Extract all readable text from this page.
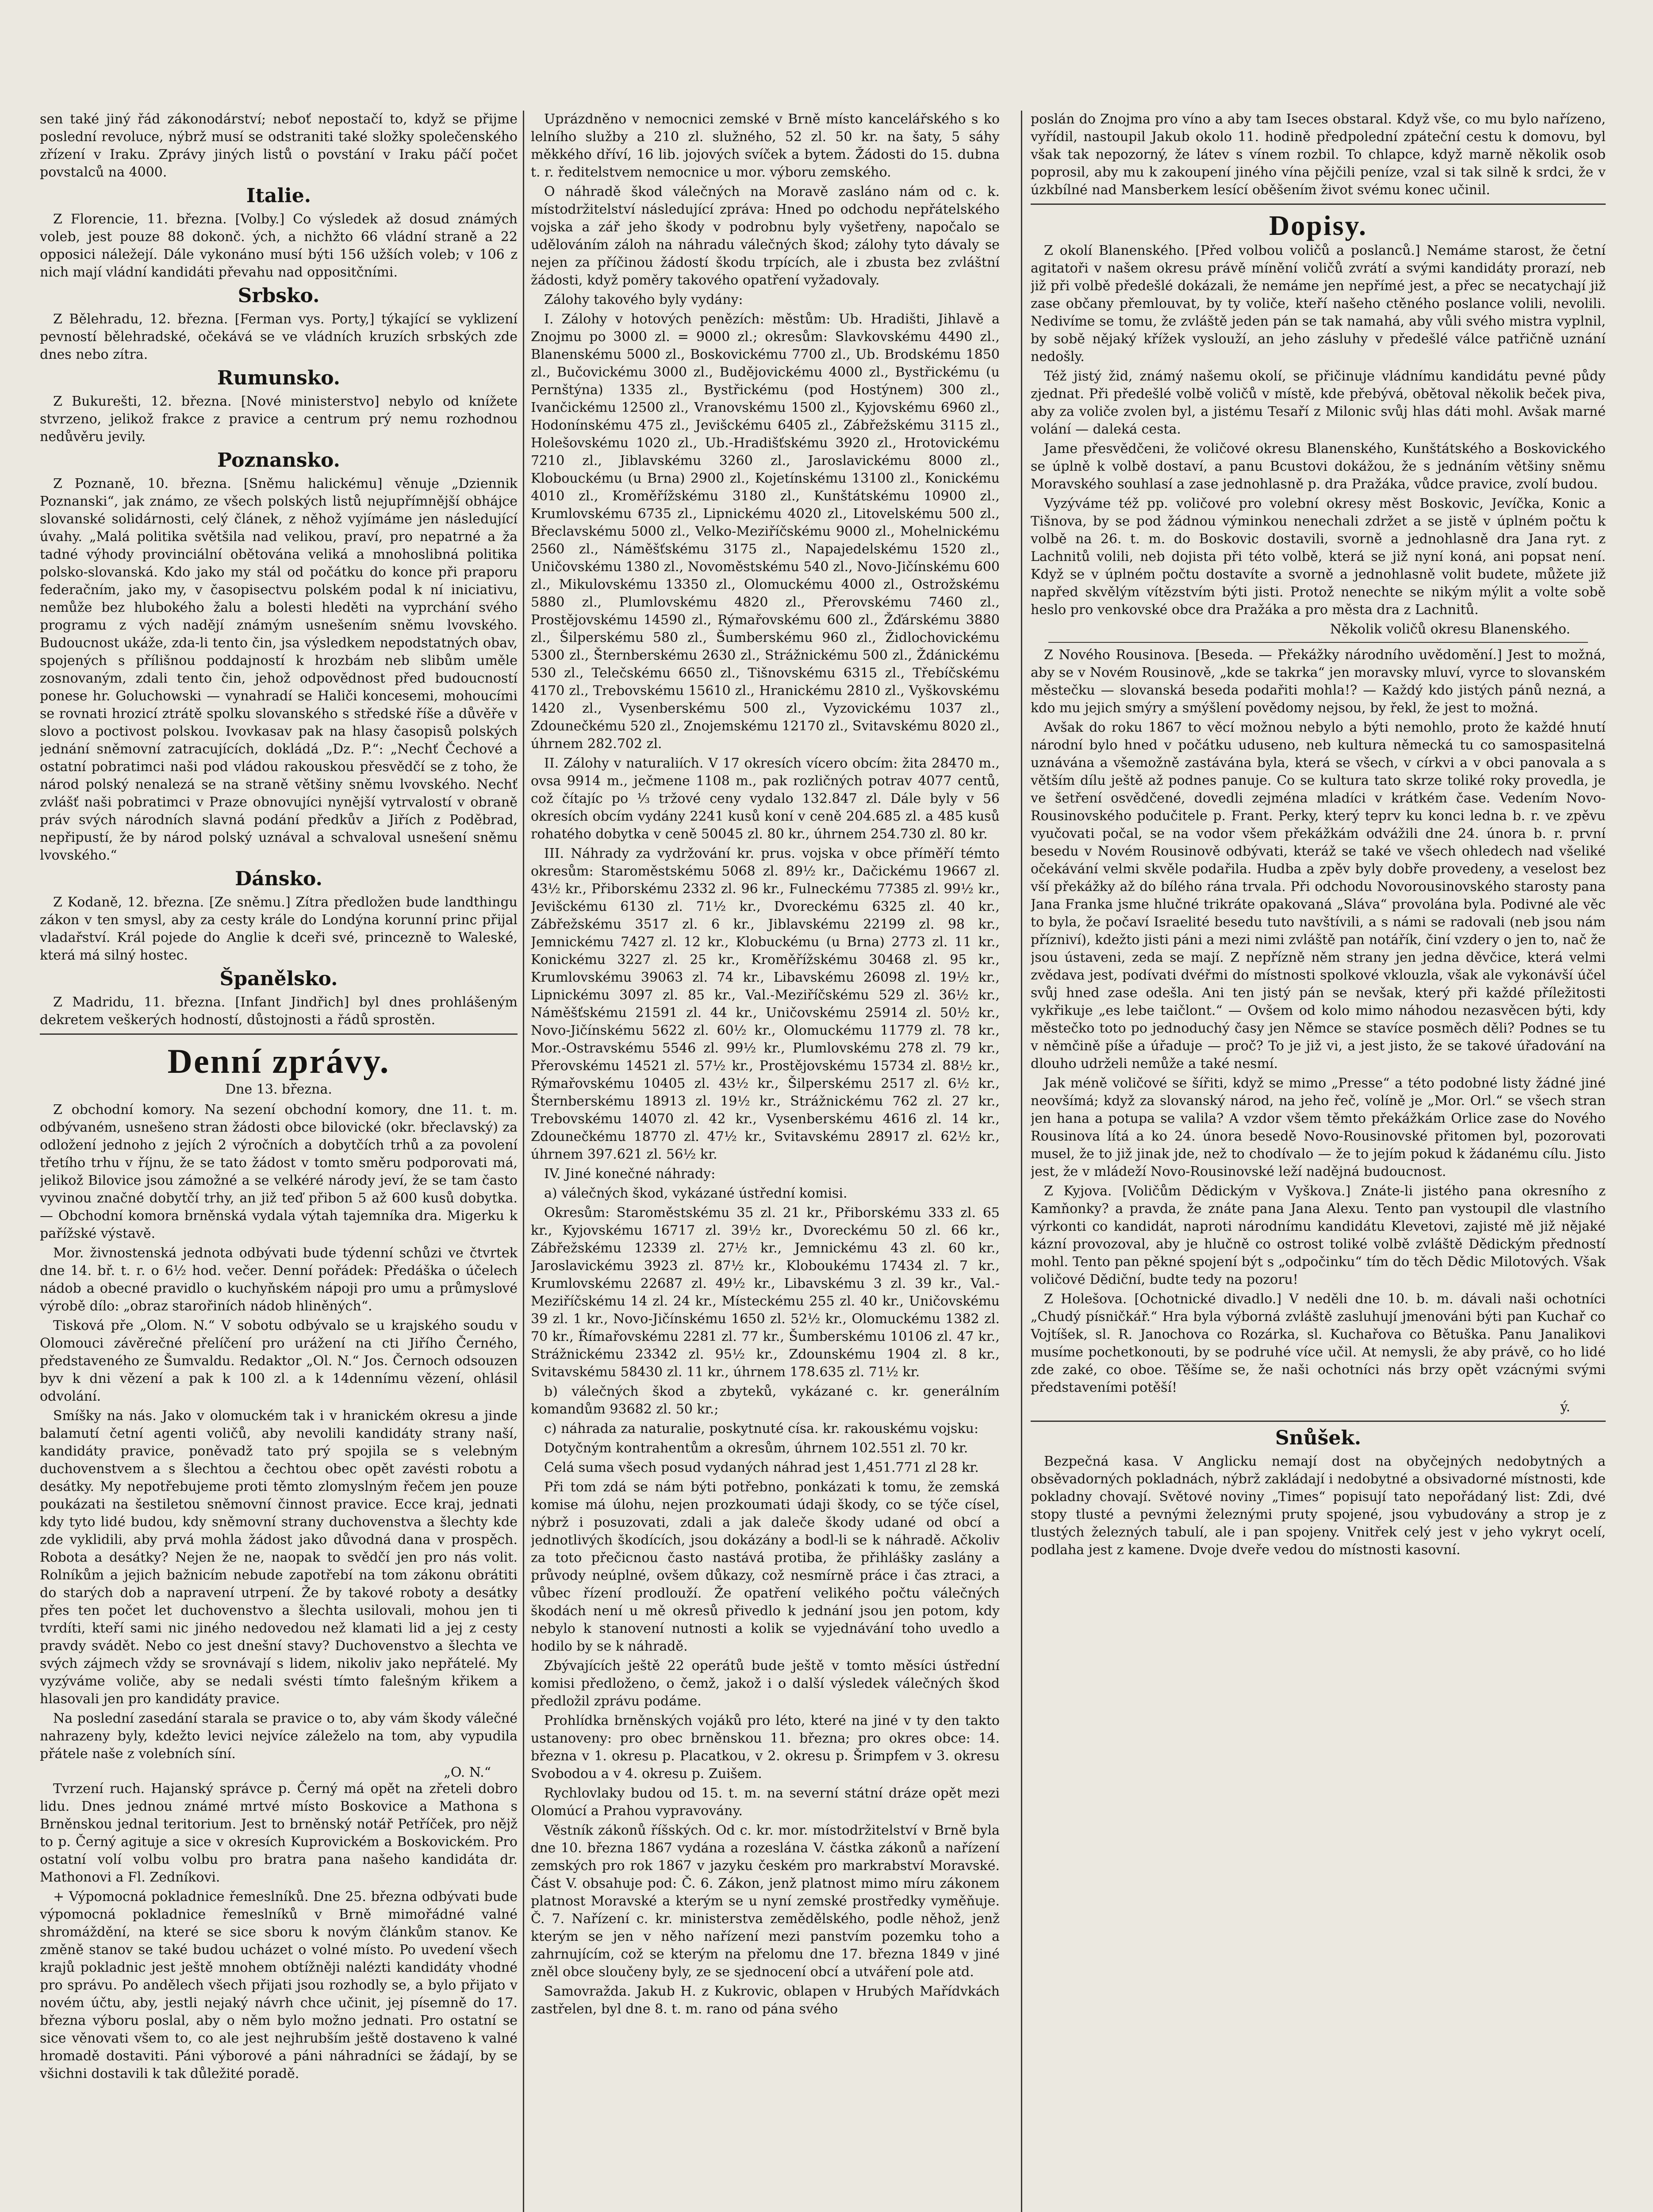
sen také jiný řád zákonodárství; neboť nepostačí to, když se přijme poslední revoluce, nýbrž musí se odstraniti také složky společenského zřízení v Iraku. Zprávy jiných listů o povstání v Iraku páčí počet povstalců na 4000.

Italie.

Z Florencie, 11. března. [Volby.] Co výsledek až dosud známých voleb, jest pouze 88 dokonč. ých, a nichžto 66 vládní straně a 22 opposici náležejí. Dále vykonáno musí býti 156 užších voleb; v 106 z nich mají vládní kandidáti převahu nad oppositčními.

Srbsko.

Z Bělehradu, 12. března. [Ferman vys. Porty,] týkající se vyklizení pevností bělehradské, očekává se ve vládních kruzích srbských zde dnes nebo zítra.

Rumunsko.

Z Bukurešti, 12. března. [Nové ministerstvo] nebylo od knížete stvrzeno, jelikož frakce z pravice a centrum prý nemu rozhodnou nedůvěru jevily.

Poznansko.

Z Poznaně, 10. března. [Sněmu halickému] věnuje „Dziennik Poznanski“, jak známo, ze všech polských listů nejupřímnější obhájce slovanské solidárnosti, celý článek, z něhož vyjímáme jen následující úvahy. „Malá politika světšila nad velikou, praví, pro nepatrné a ža tadné výhody provinciální obětována veliká a mnohoslibná politika polsko-slovanská. Kdo jako my stál od počátku do konce při praporu federačním, jako my, v časopisectvu polském podal k ní iniciativu, nemůže bez hlubokého žalu a bolesti hleděti na vyprchání svého programu z vých nadějí známým usnešením sněmu lvovského. Budoucnost ukáže, zda-li tento čin, jsa výsledkem nepodstatných obav, spojených s přílišnou poddajností k hrozbám neb slibům uměle zosnovaným, zdali tento čin, jehož odpovědnost před budoucností ponese hr. Goluchowski — vynahradí se Haliči koncesemi, mohoucími se rovnati hrozicí ztrátě spolku slovanského s středské říše a důvěře v slovo a poctivost polskou. Ivovkasav pak na hlasy časopisů polských jednání sněmovní zatracujících, dokládá „Dz. P.“: „Nechť Čechové a ostatní pobratimci naši pod vládou rakouskou přesvědčí se z toho, že národ polský nenalezá se na straně většiny sněmu lvovského. Nechť zvlášť naši pobratimci v Praze obnovujíci nynější vytrvalostí v obraně práv svých národních slavná podání předkův a Jiřích z Poděbrad, nepřipustí, že by národ polský uznával a schvaloval usnešení sněmu lvovského.“

Dánsko.

Z Kodaně, 12. března. [Ze sněmu.] Zítra předložen bude landthingu zákon v ten smysl, aby za cesty krále do Londýna korunní princ přijal vladařství. Král pojede do Anglie k dceři své, princezně to Waleské, která má silný hostec.

Španělsko.

Z Madridu, 11. března. [Infant Jindřich] byl dnes prohlášeným dekretem veškerých hodností, důstojnosti a řádů sprostěn.

Denní zprávy.
Dne 13. března.

Z obchodní komory. Na sezení obchodní komory, dne 11. t. m. odbývaném, usnešeno stran žádosti obce bilovické (okr. břeclavský) za odložení jednoho z jejích 2 výročních a dobytčích trhů a za povolení třetího trhu v říjnu, že se tato žádost v tomto směru podporovati má, jelikož Bilovice jsou zámožné a se velkéré národy jeví, že se tam často vyvinou značné dobytčí trhy, an již teď přibon 5 až 600 kusů dobytka. — Obchodní komora brněnská vydala výtah tajemníka dra. Migerku k pařížské výstavě.

Mor. živnostenská jednota odbývati bude týdenní schůzi ve čtvrtek dne 14. bř. t. r. o 6½ hod. večer. Denní pořádek: Předáška o účelech nádob a obecné pravidlo o kuchyňském nápoji pro umu a průmyslové výrobě dílo: „obraz starořiních nádob hliněných“.

Tisková pře „Olom. N.“ V sobotu odbývalo se u krajského soudu v Olomouci závěrečné přelíčení pro urážení na cti Jiřího Černého, představeného ze Šumvaldu. Redaktor „Ol. N.“ Jos. Černoch odsouzen byv k dni vězení a pak k 100 zl. a k 14dennímu vězení, ohlásil odvolání.

Smíšky na nás. Jako v olomuckém tak i v hranickém okresu a jinde balamutí četní agenti voličů, aby nevolili kandidáty strany naší, kandidáty pravice, poněvadž tato prý spojila se s velebným duchovenstvem a s šlechtou a čechtou obec opět zavésti robotu a desátky. My nepotřebujeme proti těmto zlomyslným řečem jen pouze poukázati na šestiletou sněmovní činnost pravice. Ecce kraj, jednati kdy tyto lidé budou, kdy sněmovní strany duchovenstva a šlechty kde zde vyklidili, aby prvá mohla žádost jako důvodná dana v prospěch. Robota a desátky? Nejen že ne, naopak to svědčí jen pro nás volit. Rolníkům a jejich bažnicím nebude zapotřebí na tom zákonu obrátiti do starých dob a napravení utrpení. Že by takové roboty a desátky přes ten počet let duchovenstvo a šlechta usilovali, mohou jen ti tvrdíti, kteří sami nic jiného nedovedou než klamati lid a jej z cesty pravdy svádět. Nebo co jest dnešní stavy? Duchovenstvo a šlechta ve svých zájmech vždy se srovnávají s lidem, nikoliv jako nepřátelé. My vyzýváme voliče, aby se nedali svésti tímto falešným křikem a hlasovali jen pro kandidáty pravice.

Na poslední zasedání starala se pravice o to, aby vám škody válečné nahrazeny byly, kdežto levici nejvíce záleželo na tom, aby vypudila přátele naše z volebních síní.

„O. N.“

Tvrzení ruch. Hajanský správce p. Černý má opět na zřeteli dobro lidu. Dnes jednou známé mrtvé místo Boskovice a Mathona s Brněnskou jednal teritorium. Jest to brněnský notář Petříček, pro nějž to p. Černý agituje a sice v okresích Kuprovickém a Boskovickém. Pro ostatní volí volbu volbu pro bratra pana našeho kandidáta dr. Mathonovi a Fl. Zedníkovi.

+ Výpomocná pokladnice řemeslníků. Dne 25. března odbývati bude výpomocná pokladnice řemeslníků v Brně mimořádné valné shromáždění, na které se sice sboru k novým článkům stanov. Ke změně stanov se také budou ucházet o volné místo. Po uvedení všech krajů pokladnic jest ještě mnohem obtížněji nalézti kandidáty vhodné pro správu. Po andělech všech přijati jsou rozhodly se, a bylo přijato v novém účtu, aby, jestli nejaký návrh chce učinit, jej písemně do 17. března výboru poslal, aby o něm bylo možno jednati. Pro ostatní se sice věnovati všem to, co ale jest nejhrubším ještě dostaveno k valné hromadě dostaviti. Páni výborové a páni náhradníci se žádají, by se všichni dostavili k tak důležité poradě.

Uprázdněno v nemocnici zemské v Brně místo kancelářského s ko lelního služby a 210 zl. služného, 52 zl. 50 kr. na šaty, 5 sáhy měkkého dříví, 16 lib. jojových svíček a bytem. Žádosti do 15. dubna t. r. ředitelstvem nemocnice u mor. výboru zemského.

O náhradě škod válečných na Moravě zasláno nám od c. k. místodržitelství následující zpráva: Hned po odchodu nepřátelského vojska a zář jeho škody v podrobnu byly vyšetřeny, napočalo se udělováním záloh na náhradu válečných škod; zálohy tyto dávaly se nejen za příčinou žádostí škodu trpících, ale i zbusta bez zvláštní žádosti, když poměry takového opatření vyžadovaly.

Zálohy takového byly vydány:

I. Zálohy v hotových penězích: městům: Ub. Hradišti, Jihlavě a Znojmu po 3000 zl. = 9000 zl.; okresům: Slavkovskému 4490 zl., Blanenskému 5000 zl., Boskovickému 7700 zl., Ub. Brodskému 1850 zl., Bučovickému 3000 zl., Budějovickému 4000 zl., Bystřickému (u Pernštýna) 1335 zl., Bystřickému (pod Hostýnem) 300 zl., Ivančickému 12500 zl., Vranovskému 1500 zl., Kyjovskému 6960 zl., Hodonínskému 475 zl., Jevišckému 6405 zl., Zábřežskému 3115 zl., Holešovskému 1020 zl., Ub.-Hradišťskému 3920 zl., Hrotovickému 7210 zl., Jiblavskému 3260 zl., Jaroslavickému 8000 zl., Klobouckému (u Brna) 2900 zl., Kojetínskému 13100 zl., Konickému 4010 zl., Kroměřížskému 3180 zl., Kunštátskému 10900 zl., Krumlovskému 6735 zl., Lipnickému 4020 zl., Litovelskému 500 zl., Břeclavskému 5000 zl., Velko-Meziříčskému 9000 zl., Mohelnickému 2560 zl., Náměšťskému 3175 zl., Napajedelskému 1520 zl., Uničovskému 1380 zl., Novoměstskému 540 zl., Novo-Jičínskému 600 zl., Mikulovskému 13350 zl., Olomuckému 4000 zl., Ostrožskému 5880 zl., Plumlovskému 4820 zl., Přerovskému 7460 zl., Prostějovskému 14590 zl., Rýmařovskému 600 zl., Žďárskému 3880 zl., Šilperskému 580 zl., Šumberskému 960 zl., Židlochovickému 5300 zl., Šternberskému 2630 zl., Strážnickému 500 zl., Ždánickému 530 zl., Telečskému 6650 zl., Tišnovskému 6315 zl., Třebíčskému 4170 zl., Trebovskému 15610 zl., Hranickému 2810 zl., Vyškovskému 1420 zl., Vysenberskému 500 zl., Vyzovickému 1037 zl., Zdounečkému 520 zl., Znojemskému 12170 zl., Svitavskému 8020 zl., úhrnem 282.702 zl.

II. Zálohy v naturaliích. V 17 okresích vícero obcím: žita 28470 m., ovsa 9914 m., ječmene 1108 m., pak rozličných potrav 4077 centů, což čítajíc po ⅓ tržové ceny vydalo 132.847 zl. Dále byly v 56 okresích obcím vydány 2241 kusů koní v ceně 204.685 zl. a 485 kusů rohatého dobytka v ceně 50045 zl. 80 kr., úhrnem 254.730 zl. 80 kr.

III. Náhrady za vydržování kr. prus. vojska v obce příměří témto okresům: Staroměstskému 5068 zl. 89½ kr., Dačickému 19667 zl. 43½ kr., Přiborskému 2332 zl. 96 kr., Fulneckému 77385 zl. 99½ kr., Jevišckému 6130 zl. 71½ kr., Dvoreckému 6325 zl. 40 kr., Zábřežskému 3517 zl. 6 kr., Jiblavskému 22199 zl. 98 kr., Jemnickému 7427 zl. 12 kr., Klobuckému (u Brna) 2773 zl. 11 kr., Konickému 3227 zl. 25 kr., Kroměřížskému 30468 zl. 95 kr., Krumlovskému 39063 zl. 74 kr., Libavskému 26098 zl. 19½ kr., Lipnickému 3097 zl. 85 kr., Val.-Meziříčskému 529 zl. 36½ kr., Náměšťskému 21591 zl. 44 kr., Uničovskému 25914 zl. 50½ kr., Novo-Jičínskému 5622 zl. 60½ kr., Olomuckému 11779 zl. 78 kr., Mor.-Ostravskému 5546 zl. 99½ kr., Plumlovskému 278 zl. 79 kr., Přerovskému 14521 zl. 57½ kr., Prostějovskému 15734 zl. 88½ kr., Rýmařovskému 10405 zl. 43½ kr., Šilperskému 2517 zl. 6½ kr., Šternberskému 18913 zl. 19½ kr., Strážnickému 762 zl. 27 kr., Trebovskému 14070 zl. 42 kr., Vysenberskému 4616 zl. 14 kr., Zdounečkému 18770 zl. 47½ kr., Svitavskému 28917 zl. 62½ kr., úhrnem 397.621 zl. 56½ kr.

IV. Jiné konečné náhrady:

a) válečných škod, vykázané ústřední komisi.

Okresům: Staroměstskému 35 zl. 21 kr., Přiborskému 333 zl. 65 kr., Kyjovskému 16717 zl. 39½ kr., Dvoreckému 50 zl. 66 kr., Zábřežskému 12339 zl. 27½ kr., Jemnickému 43 zl. 60 kr., Jaroslavickému 3923 zl. 87½ kr., Kloboukému 17434 zl. 7 kr., Krumlovskému 22687 zl. 49½ kr., Libavskému 3 zl. 39 kr., Val.-Meziříčskému 14 zl. 24 kr., Místeckému 255 zl. 40 kr., Uničovskému 39 zl. 1 kr., Novo-Jičínskému 1650 zl. 52½ kr., Olomuckému 1382 zl. 70 kr., Římařovskému 2281 zl. 77 kr., Šumberskému 10106 zl. 47 kr., Strážnickému 23342 zl. 95½ kr., Zdounskému 1904 zl. 8 kr., Svitavskému 58430 zl. 11 kr., úhrnem 178.635 zl. 71½ kr.

b) válečných škod a zbyteků, vykázané c. kr. generálním komandům 93682 zl. 50 kr.;

c) náhrada za naturalie, poskytnuté císa. kr. rakouskému vojsku:

Dotyčným kontrahentům a okresům, úhrnem 102.551 zl. 70 kr.

Celá suma všech posud vydaných náhrad jest 1,451.771 zl 28 kr.

Při tom zdá se nám býti potřebno, ponkázati k tomu, že zemská komise má úlohu, nejen prozkoumati údaji škody, co se týče císel, nýbrž i posuzovati, zdali a jak daleče škody udané od obcí a jednotlivých škodících, jsou dokázány a bodl-li se k náhradě. Ačkoliv za toto přečicnou často nastává protiba, že přihlášky zaslány a průvody neúplné, ovšem důkazy, což nesmírně práce i čas ztraci, a vůbec řízení prodlouží. Že opatření velikého počtu válečných škodách není u mě okresů přivedlo k jednání jsou jen potom, kdy nebylo k stanovení nutnosti a kolik se vyjednávání toho uvedlo a hodilo by se k náhradě.

Zbývajících ještě 22 operátů bude ještě v tomto měsíci ústřední komisi předloženo, o čemž, jakož i o další výsledek válečných škod předložil zprávu podáme.

Prohlídka brněnských vojáků pro léto, které na jiné v ty den takto ustanoveny: pro obec brněnskou 11. března; pro okres obce: 14. března v 1. okresu p. Placatkou, v 2. okresu p. Šrimpfem v 3. okresu Svobodou a v 4. okresu p. Zuišem.

Rychlovlaky budou od 15. t. m. na severní státní dráze opět mezi Olomúcí a Prahou vypravovány.

Věstník zákonů říšských. Od c. kr. mor. místodržitelství v Brně byla dne 10. března 1867 vydána a rozeslána V. částka zákonů a nařízení zemských pro rok 1867 v jazyku českém pro markrabství Moravské. Část V. obsahuje pod: Č. 6. Zákon, jenž platnost mimo míru zákonem platnost Moravské a kterým se u nyní zemské prostředky vyměňuje. Č. 7. Nařízení c. kr. ministerstva zemědělského, podle něhož, jenž kterým se jen v něho nařízení mezi panstvím pozemku toho a zahrnujícím, což se kterým na přelomu dne 17. března 1849 v jiné zněl obce sloučeny byly, ze se sjednocení obcí a utváření pole atd.

Samovražda. Jakub H. z Kukrovic, oblapen v Hrubých Mařídvkách zastřelen, byl dne 8. t. m. rano od pána svého

poslán do Znojma pro víno a aby tam Iseces obstaral. Když vše, co mu bylo nařízeno, vyřídil, nastoupil Jakub okolo 11. hodině předpolední zpáteční cestu k domovu, byl však tak nepozorný, že látev s vínem rozbil. To chlapce, když marně několik osob poprosil, aby mu k zakoupení jiného vína pějčili peníze, vzal si tak silně k srdci, že v úzkbílné nad Mansberkem lesící oběšením život svému konec učinil.

Dopisy.

Z okolí Blanenského. [Před volbou voličů a poslanců.] Nemáme starost, že četní agitatoři v našem okresu právě mínění voličů zvrátí a svými kandidáty prorazí, neb již při volbě předešlé dokázali, že nemáme jen nepřímé jest, a přec se necatychají již zase občany přemlouvat, by ty voliče, kteří našeho ctěného poslance volili, nevolili. Nedivíme se tomu, že zvláště jeden pán se tak namahá, aby vůli svého mistra vyplnil, by sobě nějaký křížek vyslouží, an jeho zásluhy v předešlé válce patřičně uznání nedošly.

Též jistý žid, známý našemu okolí, se přičinuje vládnímu kandidátu pevné půdy zjednat. Při předešlé volbě voličů v místě, kde přebývá, obětoval několik beček piva, aby za voliče zvolen byl, a jistému Tesaří z Milonic svůj hlas dáti mohl. Avšak marné volání — daleká cesta.

Jame přesvědčeni, že voličové okresu Blanenského, Kunštátského a Boskovického se úplně k volbě dostaví, a panu Bcustovi dokážou, že s jednáním většiny sněmu Moravského souhlasí a zase jednohlasně p. dra Pražáka, vůdce pravice, zvolí budou.

Vyzýváme též pp. voličové pro volební okresy měst Boskovic, Jevíčka, Konic a Tišnova, by se pod žádnou výminkou nenechali zdržet a se jistě v úplném počtu k volbě na 26. t. m. do Boskovic dostavili, svorně a jednohlasně dra Jana ryt. z Lachnitů volili, neb dojista při této volbě, která se již nyní koná, ani popsat není. Když se v úplném počtu dostavíte a svorně a jednohlasně volit budete, můžete již napřed skvělým vítězstvím býti jisti. Protož nenechte se nikým mýlit a volte sobě heslo pro venkovské obce dra Pražáka a pro města dra z Lachnitů.

Několik voličů okresu Blanenského.

Z Nového Rousinova. [Beseda. — Překážky národního uvědomění.] Jest to možná, aby se v Novém Rousinově, „kde se takrka“ jen moravsky mluví, vyrce to slovanském městečku — slovanská beseda podařiti mohla!? — Každý kdo jistých pánů nezná, a kdo mu jejich smýry a smýšlení povědomy nejsou, by řekl, že jest to možná.

Avšak do roku 1867 to věcí možnou nebylo a býti nemohlo, proto že každé hnutí národní bylo hned v počátku uduseno, neb kultura německá tu co samospasitelná uznávána a všemožně zastávána byla, která se všech, v církvi a v obci panovala a s větším dílu ještě až podnes panuje. Co se kultura tato skrze toliké roky provedla, je ve šetření osvědčené, dovedli zejména mladíci v krátkém čase. Vedením Novo-Rousinovského podučitele p. Frant. Perky, který teprv ku konci ledna b. r. ve zpěvu vyučovati počal, se na vodor všem překážkám odvážili dne 24. února b. r. první besedu v Novém Rousinově odbývati, kteráž se také ve všech ohledech nad všeliké očekávání velmi skvěle podařila. Hudba a zpěv byly dobře provedeny, a veselost bez vší překážky až do bílého rána trvala. Při odchodu Novorousinovského starosty pana Jana Franka jsme hlučné trikráte opakovaná „Sláva“ provolána byla. Podivné ale věc to byla, že počaví Israelité besedu tuto navštívili, a s námi se radovali (neb jsou nám přízniví), kdežto jisti páni a mezi nimi zvláště pan notářík, činí vzdery o jen to, nač že jsou ústaveni, zeda se mají. Z nepřízně něm strany jen jedna děvčice, která velmi zvědava jest, podívati dvéřmi do místnosti spolkové vklouzla, však ale vykonávší účel svůj hned zase odešla. Ani ten jistý pán se nevšak, který při každé příležitosti vykřikuje „es lebe taičlont.“ — Ovšem od kolo mimo náhodou nezasvěcen býti, kdy městečko toto po jednoduchý časy jen Němce se stavíce posměch děli? Podnes se tu v němčině píše a úřaduje — proč? To je již vi, a jest jisto, že se takové úřadování na dlouho udrželi nemůže a také nesmí.

Jak méně voličové se šířiti, když se mimo „Presse“ a této podobné listy žádné jiné neovšímá; když za slovanský národ, na jeho řeč, volíně je „Mor. Orl.“ se všech stran jen hana a potupa se valila? A vzdor všem těmto překážkám Orlice zase do Nového Rousinova lítá a ko 24. února besedě Novo-Rousinovské přitomen byl, pozorovati musel, že to již jinak jde, než to chodívalo — že to jejím pokud k žádanému cílu. Jisto jest, že v mládeží Novo-Rousinovské leží nadějná budoucnost.

Z Kyjova. [Voličům Dědickým v Vyškova.] Znáte-li jistého pana okresního z Kamňonky? a pravda, že znáte pana Jana Alexu. Tento pan vystoupil dle vlastního výrkonti co kandidát, naproti národnímu kandidátu Klevetovi, zajisté mě již nějaké kázní provozoval, aby je hlučně co ostrost toliké volbě zvláště Dědickým předností mohl. Tento pan pěkné spojení být s „odpočinku“ tím do těch Dědic Milotových. Však voličové Dědiční, budte tedy na pozoru!

Z Holešova. [Ochotnické divadlo.] V neděli dne 10. b. m. dávali naši ochotníci „Chudý písničkář.“ Hra byla výborná zvláště zasluhují jmenováni býti pan Kuchař co Vojtíšek, sl. R. Janochova co Rozárka, sl. Kuchařova co Bětuška. Panu Janalikovi musíme pochetkonouti, by se podruhé více učil. At nemysli, že aby právě, co ho lidé zde zaké, co oboe. Těšíme se, že naši ochotníci nás brzy opět vzácnými svými představeními potěší!

ý.

Snůšek.

Bezpečná kasa. V Anglicku nemají dost na obyčejných nedobytných a obsěvadorných pokladnách, nýbrž zakládají i nedobytné a obsivadorné místnosti, kde pokladny chovají. Světové noviny „Times“ popisují tato nepořádaný list: Zdi, dvé stopy tlusté a pevnými železnými pruty spojené, jsou vybudovány a strop je z tlustých železných tabulí, ale i pan spojeny. Vnitřek celý jest v jeho vykryt ocelí, podlaha jest z kamene. Dvoje dveře vedou do místnosti kasovní.
